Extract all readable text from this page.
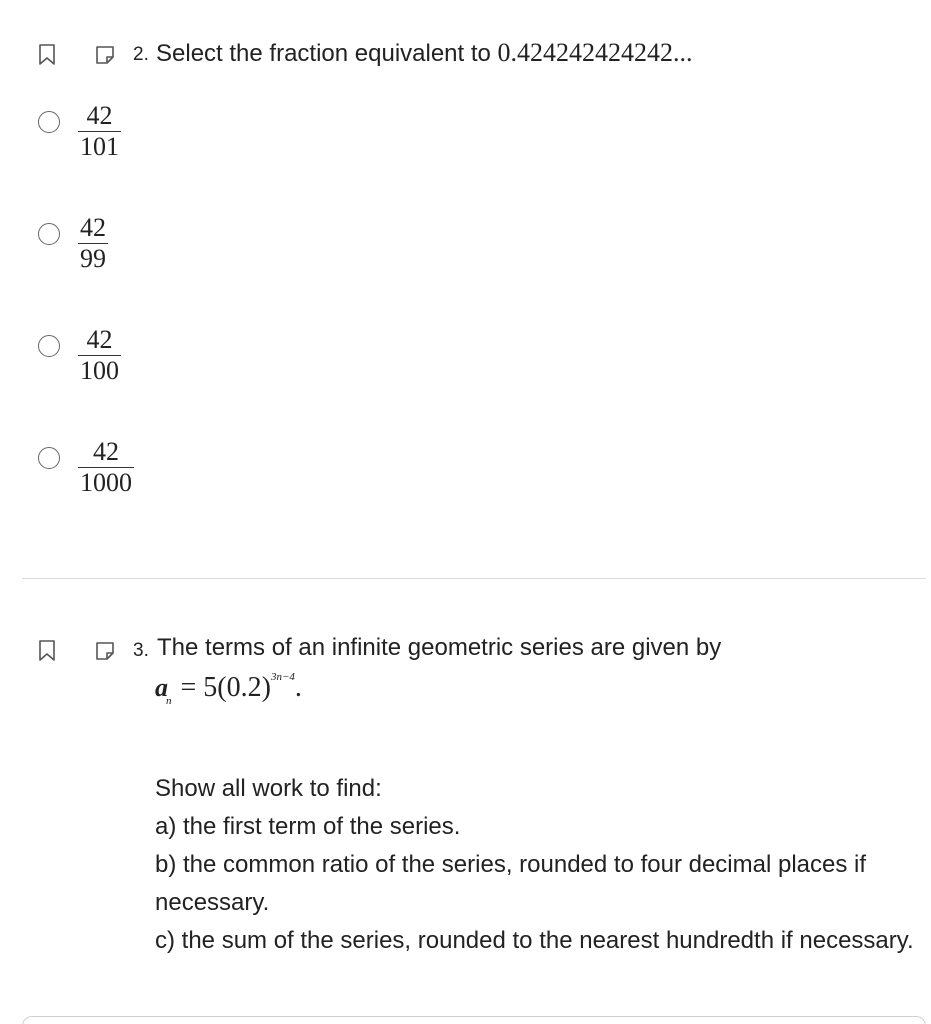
2. Select the fraction equivalent to 0.424242424242...
42
101
42
99
42
100
42
1000
3. The terms of an infinite geometric series are given by
$a_n = 5(0.2)^{3n-4}$.
Show all work to find:
a) the first term of the series.
b) the common ratio of the series, rounded to four decimal places if necessary.
c) the sum of the series, rounded to the nearest hundredth if necessary.
